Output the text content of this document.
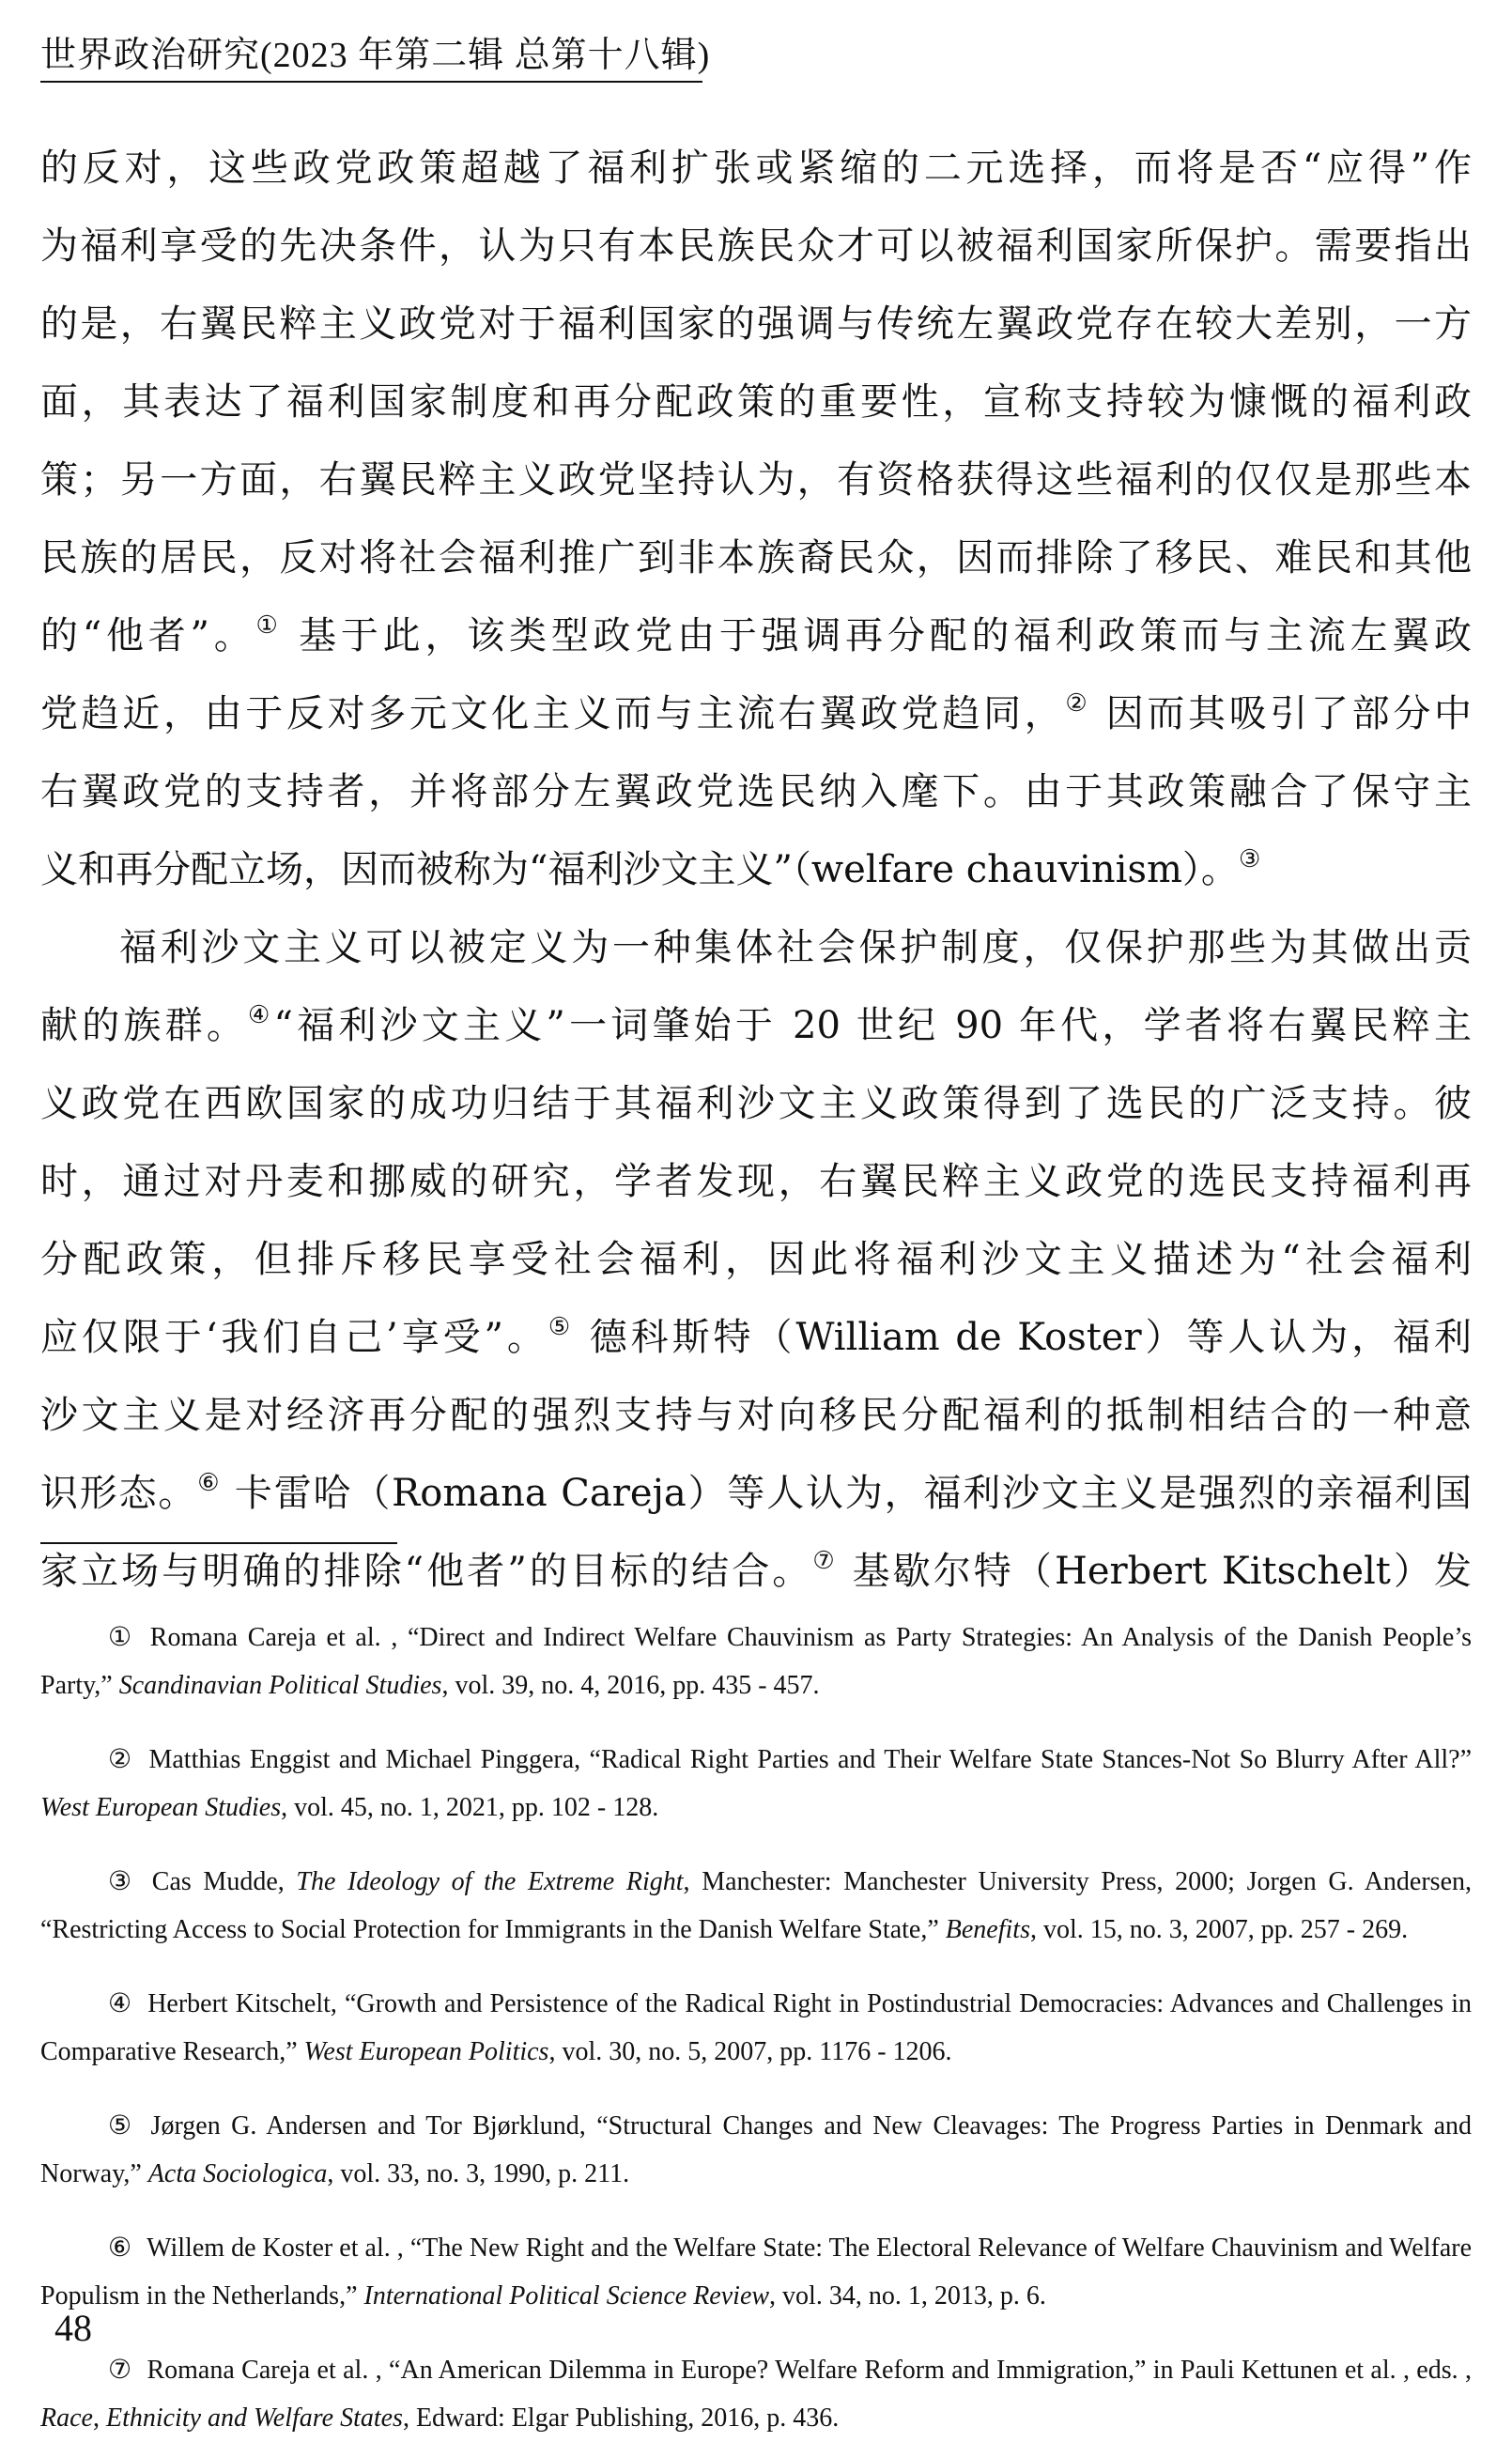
世界政治研究(2023 年第二辑 总第十八辑)
的反对，这些政党政策超越了福利扩张或紧缩的二元选择，而将是否“应得”作
为福利享受的先决条件，认为只有本民族民众才可以被福利国家所保护。需要指出
的是，右翼民粹主义政党对于福利国家的强调与传统左翼政党存在较大差别，一方
面，其表达了福利国家制度和再分配政策的重要性，宣称支持较为慷慨的福利政
策；另一方面，右翼民粹主义政党坚持认为，有资格获得这些福利的仅仅是那些本
民族的居民，反对将社会福利推广到非本族裔民众，因而排除了移民、难民和其他
的“他者”。① 基于此，该类型政党由于强调再分配的福利政策而与主流左翼政
党趋近，由于反对多元文化主义而与主流右翼政党趋同，② 因而其吸引了部分中
右翼政党的支持者，并将部分左翼政党选民纳入麾下。由于其政策融合了保守主
义和再分配立场，因而被称为“福利沙文主义”（welfare chauvinism）。③
福利沙文主义可以被定义为一种集体社会保护制度，仅保护那些为其做出贡
献的族群。④“福利沙文主义”一词肇始于 20 世纪 90 年代，学者将右翼民粹主
义政党在西欧国家的成功归结于其福利沙文主义政策得到了选民的广泛支持。彼
时，通过对丹麦和挪威的研究，学者发现，右翼民粹主义政党的选民支持福利再
分配政策，但排斥移民享受社会福利，因此将福利沙文主义描述为“社会福利
应仅限于‘我们自己’享受”。⑤ 德科斯特（William de Koster）等人认为，福利
沙文主义是对经济再分配的强烈支持与对向移民分配福利的抵制相结合的一种意
识形态。⑥ 卡雷哈（Romana Careja）等人认为，福利沙文主义是强烈的亲福利国
家立场与明确的排除“他者”的目标的结合。⑦ 基歇尔特（Herbert Kitschelt）发

① Romana Careja et al. , “Direct and Indirect Welfare Chauvinism as Party Strategies: An Analysis of the Danish People’s Party,” Scandinavian Political Studies, vol. 39, no. 4, 2016, pp. 435 - 457.

② Matthias Enggist and Michael Pinggera, “Radical Right Parties and Their Welfare State Stances-Not So Blurry After All?” West European Studies, vol. 45, no. 1, 2021, pp. 102 - 128.

③ Cas Mudde, The Ideology of the Extreme Right, Manchester: Manchester University Press, 2000; Jorgen G. Andersen, “Restricting Access to Social Protection for Immigrants in the Danish Welfare State,” Benefits, vol. 15, no. 3, 2007, pp. 257 - 269.

④ Herbert Kitschelt, “Growth and Persistence of the Radical Right in Postindustrial Democracies: Advances and Challenges in Comparative Research,” West European Politics, vol. 30, no. 5, 2007, pp. 1176 - 1206.

⑤ Jørgen G. Andersen and Tor Bjørklund, “Structural Changes and New Cleavages: The Progress Parties in Denmark and Norway,” Acta Sociologica, vol. 33, no. 3, 1990, p. 211.

⑥ Willem de Koster et al. , “The New Right and the Welfare State: The Electoral Relevance of Welfare Chauvinism and Welfare Populism in the Netherlands,” International Political Science Review, vol. 34, no. 1, 2013, p. 6.

⑦ Romana Careja et al. , “An American Dilemma in Europe? Welfare Reform and Immigration,” in Pauli Kettunen et al. , eds. , Race, Ethnicity and Welfare States, Edward: Elgar Publishing, 2016, p. 436.

48
